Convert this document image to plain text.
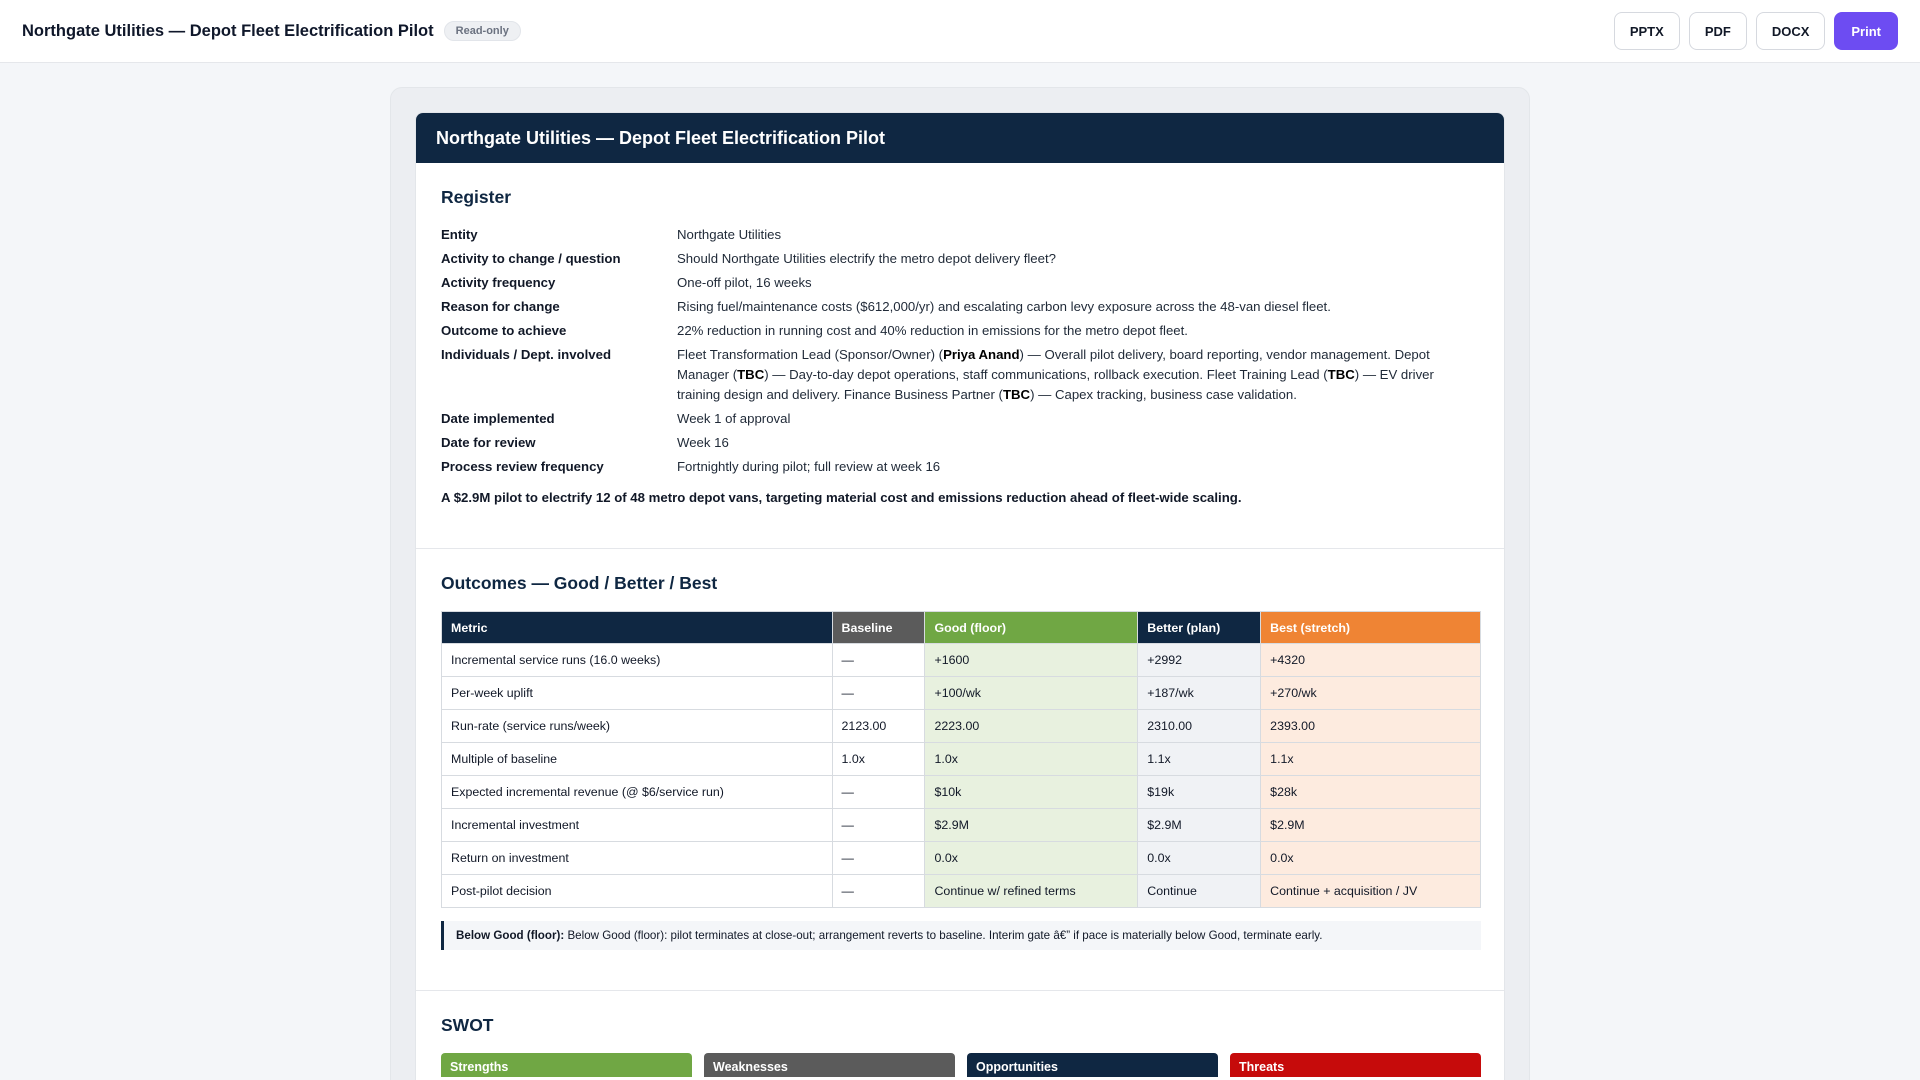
Northgate Utilities — Depot Fleet Electrification Pilot	Read-only	PPTX	PDF	DOCX	Print
Northgate Utilities — Depot Fleet Electrification Pilot
Register
Entity	Northgate Utilities
Activity to change / question	Should Northgate Utilities electrify the metro depot delivery fleet?
Activity frequency	One-off pilot, 16 weeks
Reason for change	Rising fuel/maintenance costs ($612,000/yr) and escalating carbon levy exposure across the 48-van diesel fleet.
Outcome to achieve	22% reduction in running cost and 40% reduction in emissions for the metro depot fleet.
Individuals / Dept. involved	Fleet Transformation Lead (Sponsor/Owner) (Priya Anand) — Overall pilot delivery, board reporting, vendor management. Depot Manager (TBC) — Day-to-day depot operations, staff communications, rollback execution. Fleet Training Lead (TBC) — EV driver training design and delivery. Finance Business Partner (TBC) — Capex tracking, business case validation.
Date implemented	Week 1 of approval
Date for review	Week 16
Process review frequency	Fortnightly during pilot; full review at week 16
A $2.9M pilot to electrify 12 of 48 metro depot vans, targeting material cost and emissions reduction ahead of fleet-wide scaling.
Outcomes — Good / Better / Best
Metric	Baseline	Good (floor)	Better (plan)	Best (stretch)
Incremental service runs (16.0 weeks)	—	+1600	+2992	+4320
Per-week uplift	—	+100/wk	+187/wk	+270/wk
Run-rate (service runs/week)	2123.00	2223.00	2310.00	2393.00
Multiple of baseline	1.0x	1.0x	1.1x	1.1x
Expected incremental revenue (@ $6/service run)	—	$10k	$19k	$28k
Incremental investment	—	$2.9M	$2.9M	$2.9M
Return on investment	—	0.0x	0.0x	0.0x
Post-pilot decision	—	Continue w/ refined terms	Continue	Continue + acquisition / JV
Below Good (floor): Below Good (floor): pilot terminates at close-out; arrangement reverts to baseline. Interim gate â€” if pace is materially below Good, terminate early.
SWOT
Strengths	Weaknesses	Opportunities	Threats
